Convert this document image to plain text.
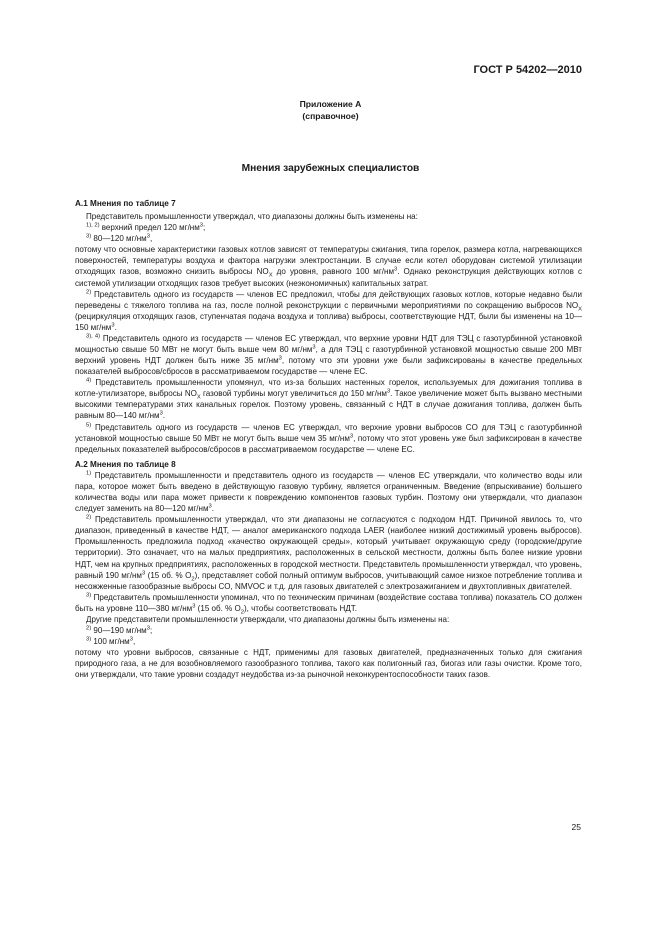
ГОСТ Р 54202—2010
Приложение А
(справочное)
Мнения зарубежных специалистов
А.1 Мнения по таблице 7

Представитель промышленности утверждал, что диапазоны должны быть изменены на:

$^{1), 2)}$ верхний предел 120 $мг/нм^3$;

$^{3)}$ 80—120 $мг/нм^3$,

потому что основные характеристики газовых котлов зависят от температуры сжигания, типа горелок, размера котла, нагревающихся поверхностей, температуры воздуха и фактора нагрузки электростанции. В случае если котел оборудован системой утилизации отходящих газов, возможно снизить выбросы $NO_X$ до уровня, равного 100 $мг/нм^3$. Однако реконструкция действующих котлов с системой утилизации отходящих газов требует высоких (неэкономичных) капитальных затрат.

$^{2)}$ Представитель одного из государств — членов ЕС предложил, чтобы для действующих газовых котлов, которые недавно были переведены с тяжелого топлива на газ, после полной реконструкции с первичными мероприятиями по сокращению выбросов $NO_X$ (рециркуляция отходящих газов, ступенчатая подача воздуха и топлива) выбросы, соответствующие НДТ, были бы изменены на 10—150 $мг/нм^3$.

$^{3), 4)}$ Представитель одного из государств — членов ЕС утверждал, что верхние уровни НДТ для ТЭЦ с газотурбинной установкой мощностью свыше 50 МВт не могут быть выше чем 80 $мг/нм^3$, а для ТЭЦ с газотурбинной установкой мощностью свыше 200 МВт верхний уровень НДТ должен быть ниже 35 $мг/нм^3$, потому что эти уровни уже были зафиксированы в качестве предельных показателей выбросов/сбросов в рассматриваемом государстве — члене ЕС.

$^{4)}$ Представитель промышленности упомянул, что из-за больших настенных горелок, используемых для дожигания топлива в котле-утилизаторе, выбросы $NO_X$ газовой турбины могут увеличиться до 150 $мг/нм^3$. Такое увеличение может быть вызвано местными высокими температурами этих канальных горелок. Поэтому уровень, связанный с НДТ в случае дожигания топлива, должен быть равным 80—140 $мг/нм^3$.

$^{5)}$ Представитель одного из государств — членов ЕС утверждал, что верхние уровни выбросов CO для ТЭЦ с газотурбинной установкой мощностью свыше 50 МВт не могут быть выше чем 35 $мг/нм^3$, потому что этот уровень уже был зафиксирован в качестве предельных показателей выбросов/сбросов в рассматриваемом государстве — члене ЕС.

А.2 Мнения по таблице 8

$^{1)}$ Представитель промышленности и представитель одного из государств — членов ЕС утверждали, что количество воды или пара, которое может быть введено в действующую газовую турбину, является ограниченным. Введение (впрыскивание) большего количества воды или пара может привести к повреждению компонентов газовых турбин. Поэтому они утверждали, что диапазон следует заменить на 80—120 $мг/нм^3$.

$^{2)}$ Представитель промышленности утверждал, что эти диапазоны не согласуются с подходом НДТ. Причиной явилось то, что диапазон, приведенный в качестве НДТ, — аналог американского подхода LAER (наиболее низкий достижимый уровень выбросов). Промышленность предложила подход «качество окружающей среды», который учитывает окружающую среду (городские/другие территории). Это означает, что на малых предприятиях, расположенных в сельской местности, должны быть более низкие уровни НДТ, чем на крупных предприятиях, расположенных в городской местности. Представитель промышленности утверждал, что уровень, равный 190 $мг/нм^3$ (15 об. % $O_2$), представляет собой полный оптимум выбросов, учитывающий самое низкое потребление топлива и несожженные газообразные выбросы CO, NMVOC и т.д. для газовых двигателей с электрозажиганием и двухтопливных двигателей.

$^{3)}$ Представитель промышленности упоминал, что по техническим причинам (воздействие состава топлива) показатель CO должен быть на уровне 110—380 $мг/нм^3$ (15 об. % $O_2$), чтобы соответствовать НДТ.

Другие представители промышленности утверждали, что диапазоны должны быть изменены на:

$^{2)}$ 90—190 $мг/нм^3$;

$^{3)}$ 100 $мг/нм^3$,

потому что уровни выбросов, связанные с НДТ, применимы для газовых двигателей, предназначенных только для сжигания природного газа, а не для возобновляемого газообразного топлива, такого как полигонный газ, биогаз или газы очистки. Кроме того, они утверждали, что такие уровни создадут неудобства из-за рыночной неконкурентоспособности таких газов.

25
